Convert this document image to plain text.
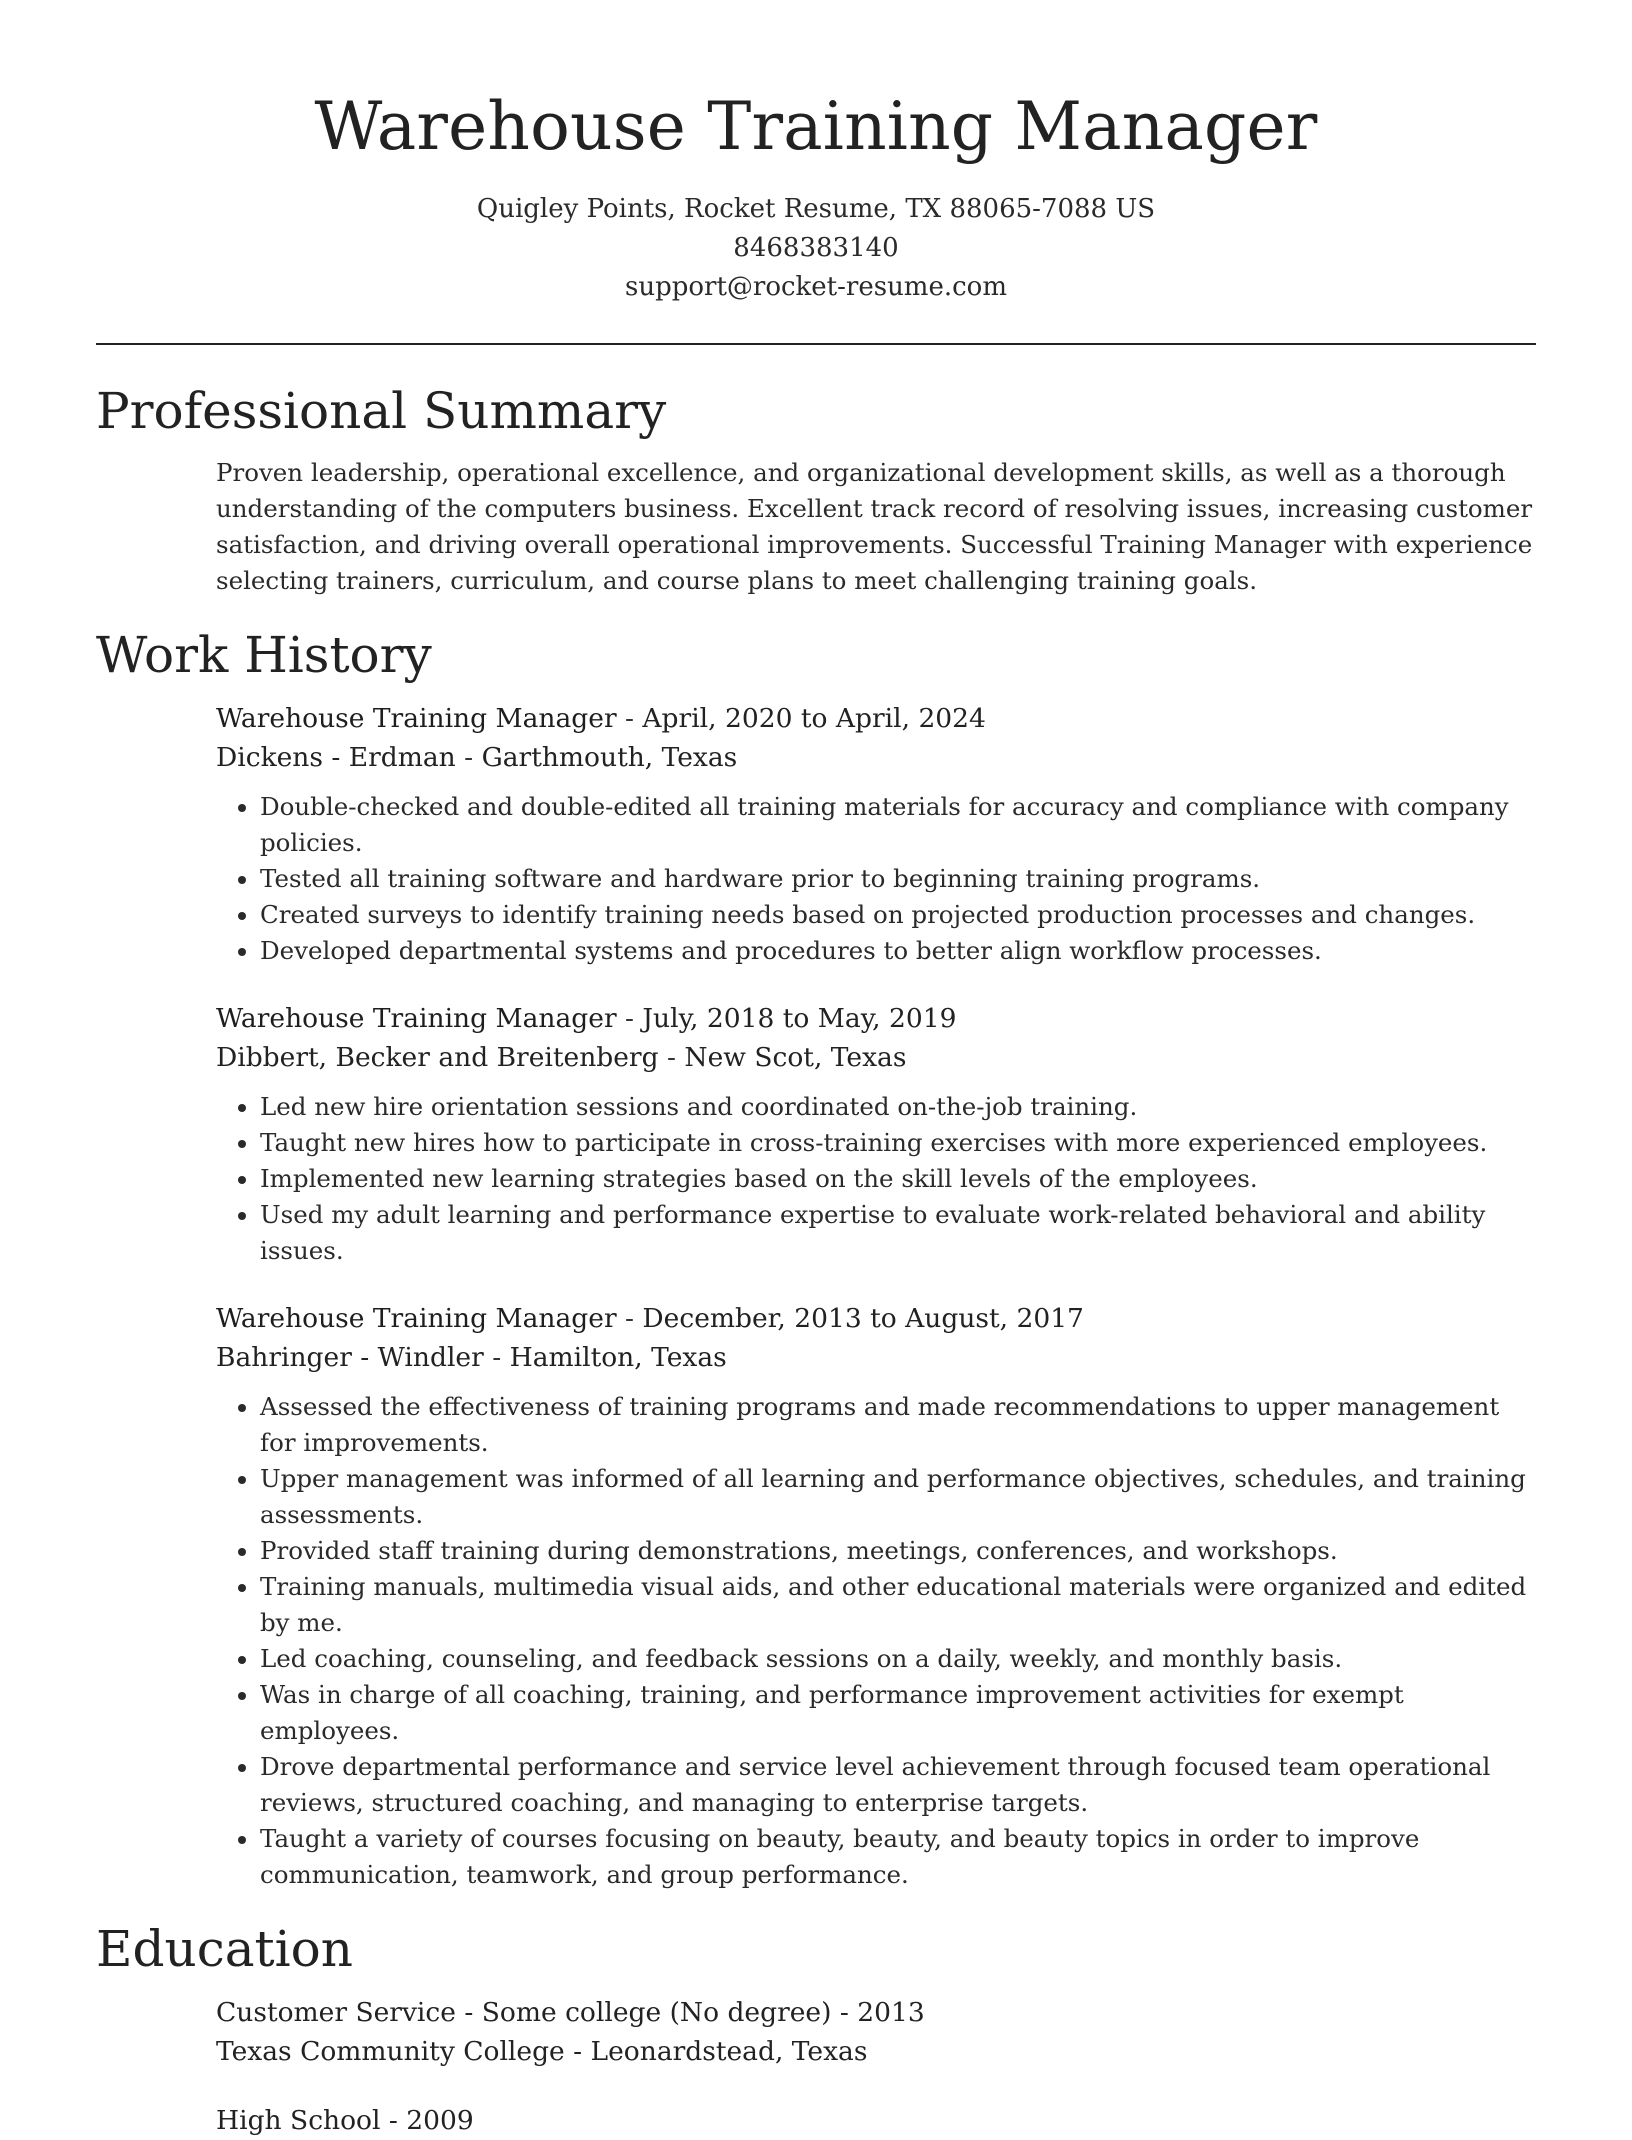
Warehouse Training Manager
Quigley Points, Rocket Resume, TX 88065-7088 US
8468383140
support@rocket-resume.com
Professional Summary
Proven leadership, operational excellence, and organizational development skills, as well as a thorough understanding of the computers business. Excellent track record of resolving issues, increasing customer satisfaction, and driving overall operational improvements. Successful Training Manager with experience selecting trainers, curriculum, and course plans to meet challenging training goals.
Work History
Warehouse Training Manager - April, 2020 to April, 2024
Dickens - Erdman - Garthmouth, Texas
• Double-checked and double-edited all training materials for accuracy and compliance with company policies.
• Tested all training software and hardware prior to beginning training programs.
• Created surveys to identify training needs based on projected production processes and changes.
• Developed departmental systems and procedures to better align workflow processes.
Warehouse Training Manager - July, 2018 to May, 2019
Dibbert, Becker and Breitenberg - New Scot, Texas
• Led new hire orientation sessions and coordinated on-the-job training.
• Taught new hires how to participate in cross-training exercises with more experienced employees.
• Implemented new learning strategies based on the skill levels of the employees.
• Used my adult learning and performance expertise to evaluate work-related behavioral and ability issues.
Warehouse Training Manager - December, 2013 to August, 2017
Bahringer - Windler - Hamilton, Texas
• Assessed the effectiveness of training programs and made recommendations to upper management for improvements.
• Upper management was informed of all learning and performance objectives, schedules, and training assessments.
• Provided staff training during demonstrations, meetings, conferences, and workshops.
• Training manuals, multimedia visual aids, and other educational materials were organized and edited by me.
• Led coaching, counseling, and feedback sessions on a daily, weekly, and monthly basis.
• Was in charge of all coaching, training, and performance improvement activities for exempt employees.
• Drove departmental performance and service level achievement through focused team operational reviews, structured coaching, and managing to enterprise targets.
• Taught a variety of courses focusing on beauty, beauty, and beauty topics in order to improve communication, teamwork, and group performance.
Education
Customer Service - Some college (No degree) - 2013
Texas Community College - Leonardstead, Texas
High School - 2009
